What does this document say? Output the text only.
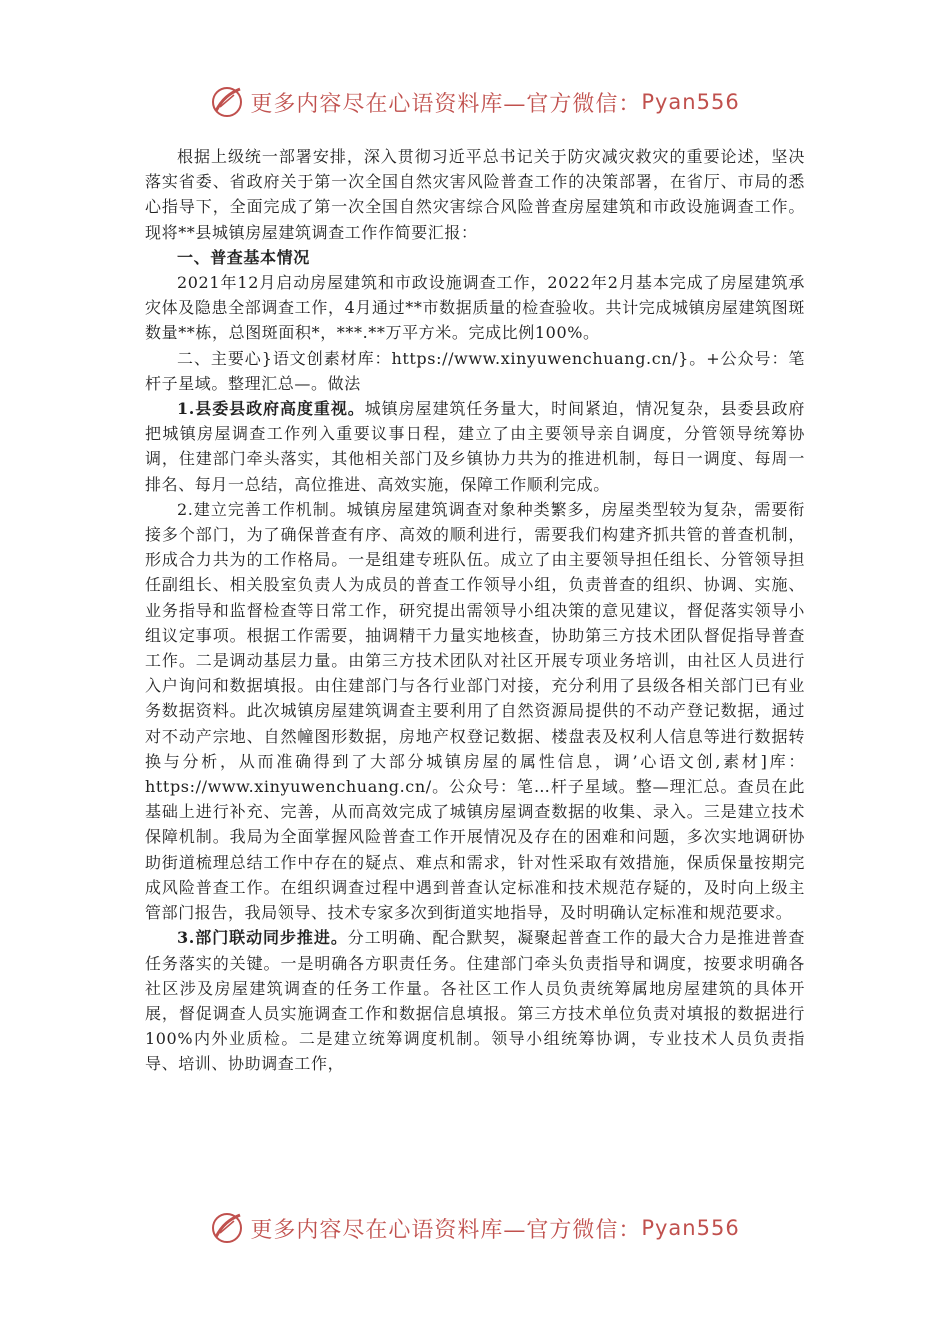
更多内容尽在心语资料库—官方微信： Pyan556

根据上级统一部署安排，深入贯彻习近平总书记关于防灾减灾救灾的重要论述，坚决落实省委、省政府关于第一次全国自然灾害风险普查工作的决策部署，在省厅、市局的悉心指导下，全面完成了第一次全国自然灾害综合风险普查房屋建筑和市政设施调查工作。现将**县城镇房屋建筑调查工作作简要汇报：

一、普查基本情况

2021年12月启动房屋建筑和市政设施调查工作，2022年2月基本完成了房屋建筑承灾体及隐患全部调查工作，4月通过**市数据质量的检查验收。共计完成城镇房屋建筑图斑数量**栋，总图斑面积*，***.**万平方米。完成比例100%。

二、主要心}语文创素材库：https://www.xinyuwenchuang.cn/}。+公众号：笔杆子星域。整理汇总—。做法

1.县委县政府高度重视。城镇房屋建筑任务量大，时间紧迫，情况复杂，县委县政府把城镇房屋调查工作列入重要议事日程，建立了由主要领导亲自调度，分管领导统筹协调，住建部门牵头落实，其他相关部门及乡镇协力共为的推进机制，每日一调度、每周一排名、每月一总结，高位推进、高效实施，保障工作顺利完成。

2.建立完善工作机制。城镇房屋建筑调查对象种类繁多，房屋类型较为复杂，需要衔接多个部门，为了确保普查有序、高效的顺利进行，需要我们构建齐抓共管的普查机制，形成合力共为的工作格局。一是组建专班队伍。成立了由主要领导担任组长、分管领导担任副组长、相关股室负责人为成员的普查工作领导小组，负责普查的组织、协调、实施、业务指导和监督检查等日常工作，研究提出需领导小组决策的意见建议，督促落实领导小组议定事项。根据工作需要，抽调精干力量实地核查，协助第三方技术团队督促指导普查工作。二是调动基层力量。由第三方技术团队对社区开展专项业务培训，由社区人员进行入户询问和数据填报。由住建部门与各行业部门对接，充分利用了县级各相关部门已有业务数据资料。此次城镇房屋建筑调查主要利用了自然资源局提供的不动产登记数据，通过对不动产宗地、自然幢图形数据，房地产权登记数据、楼盘表及权利人信息等进行数据转换与分析，从而准确得到了大部分城镇房屋的属性信息，调’心语文创,素材]库：https://www.xinyuwenchuang.cn/。公众号：笔…杆子星域。整—理汇总。查员在此基础上进行补充、完善，从而高效完成了城镇房屋调查数据的收集、录入。三是建立技术保障机制。我局为全面掌握风险普查工作开展情况及存在的困难和问题，多次实地调研协助街道梳理总结工作中存在的疑点、难点和需求，针对性采取有效措施，保质保量按期完成风险普查工作。在组织调查过程中遇到普查认定标准和技术规范存疑的，及时向上级主管部门报告，我局领导、技术专家多次到街道实地指导，及时明确认定标准和规范要求。

3.部门联动同步推进。分工明确、配合默契，凝聚起普查工作的最大合力是推进普查任务落实的关键。一是明确各方职责任务。住建部门牵头负责指导和调度，按要求明确各社区涉及房屋建筑调查的任务工作量。各社区工作人员负责统筹属地房屋建筑的具体开展，督促调查人员实施调查工作和数据信息填报。第三方技术单位负责对填报的数据进行100%内外业质检。二是建立统筹调度机制。领导小组统筹协调，专业技术人员负责指导、培训、协助调查工作，

更多内容尽在心语资料库—官方微信： Pyan556
